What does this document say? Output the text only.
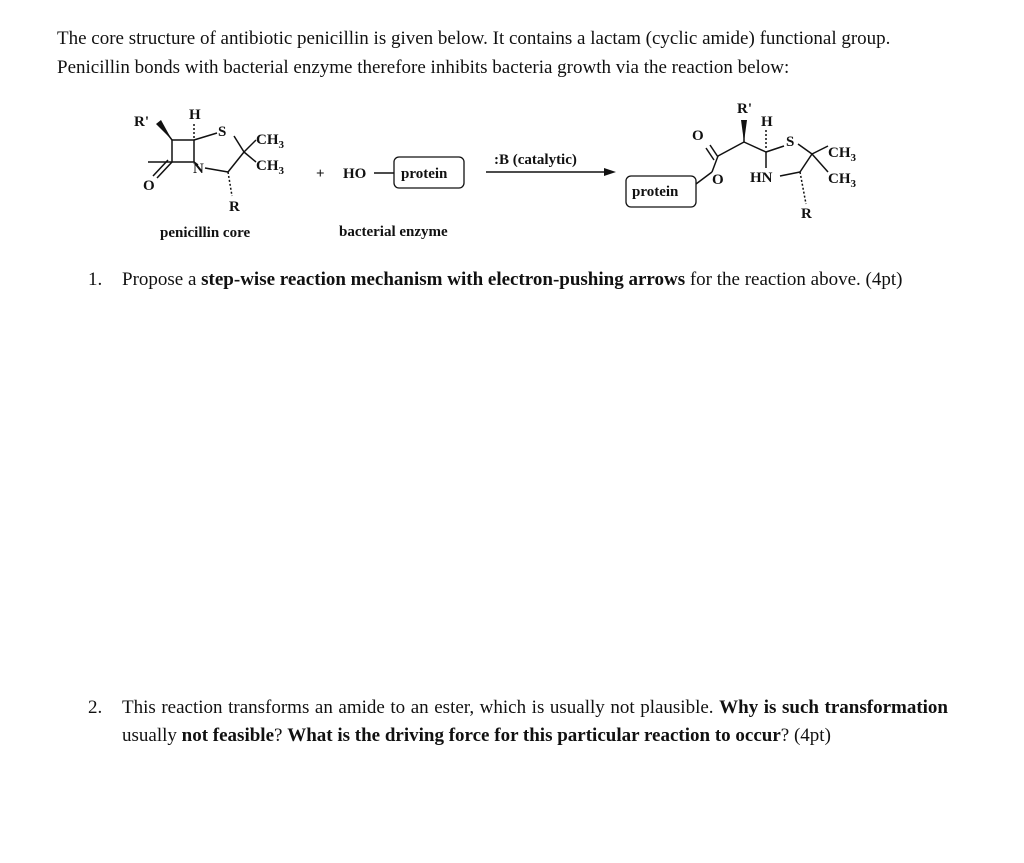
The core structure of antibiotic penicillin is given below. It contains a lactam (cyclic amide) functional group. Penicillin bonds with bacterial enzyme therefore inhibits bacteria growth via the reaction below:

R'	H
S
N
O
$CH_3$
$CH_3$
R
penicillin core
+ HO protein
bacterial enzyme
:B (catalytic)
protein
R'
H
O
O
S
HN
$CH_3$
$CH_3$
R
1. Propose a step-wise reaction mechanism with electron-pushing arrows for the reaction above. (4pt)
2. This reaction transforms an amide to an ester, which is usually not plausible. Why is such transformation usually not feasible? What is the driving force for this particular reaction to occur? (4pt)
